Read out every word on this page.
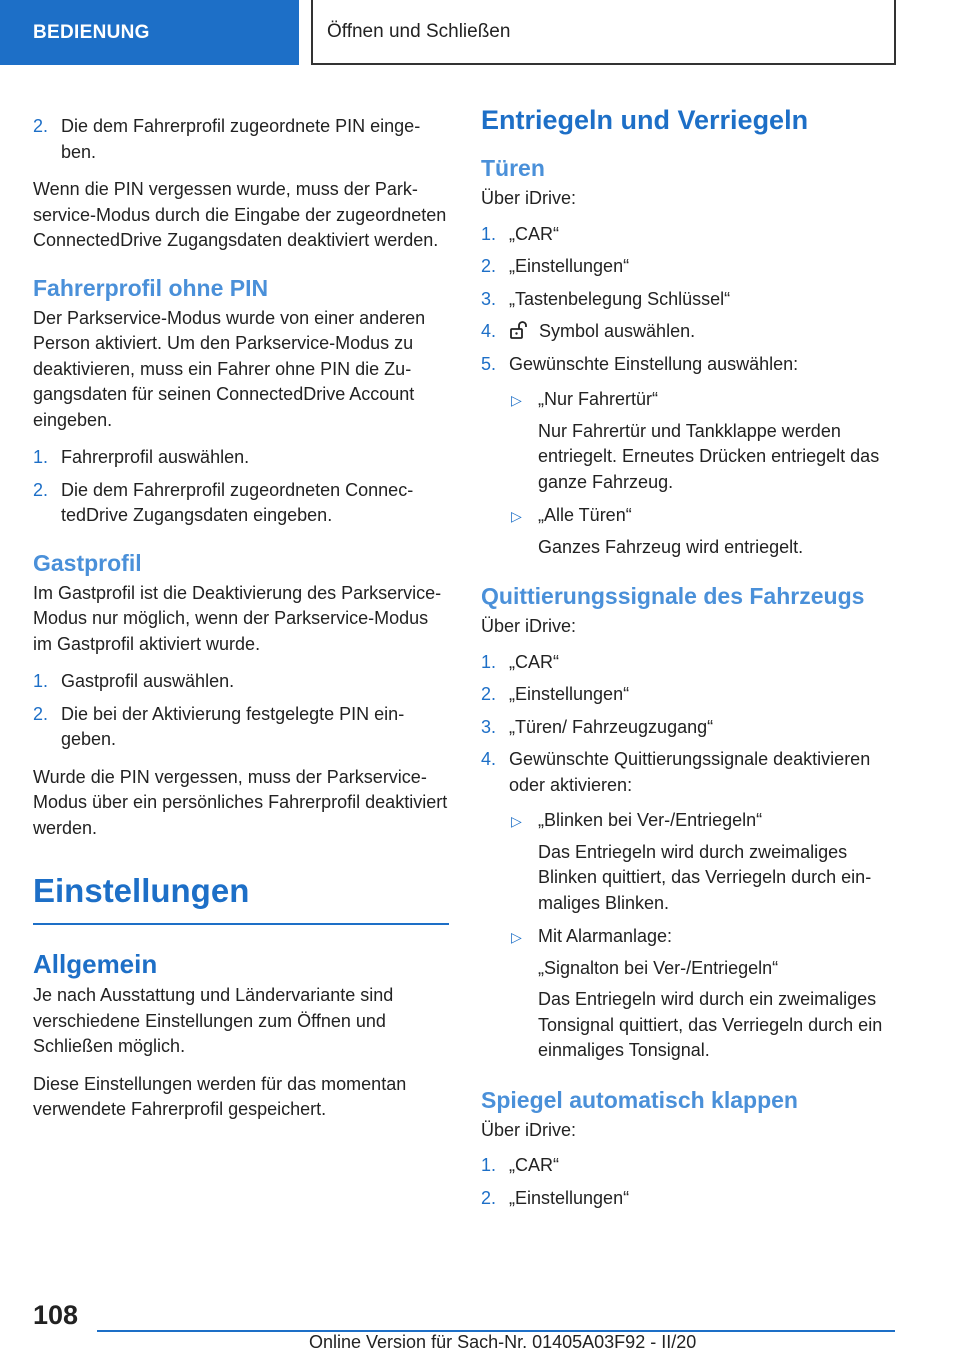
BEDIENUNG	Öffnen und Schließen
2. Die dem Fahrerprofil zugeordnete PIN eingeben.

Wenn die PIN vergessen wurde, muss der Parkservice-Modus durch die Eingabe der zugeordneten ConnectedDrive Zugangsdaten deaktiviert werden.

Fahrerprofil ohne PIN

Der Parkservice-Modus wurde von einer anderen Person aktiviert. Um den Parkservice-Modus zu deaktivieren, muss ein Fahrer ohne PIN die Zugangsdaten für seinen ConnectedDrive Account eingeben.

1. Fahrerprofil auswählen.
2. Die dem Fahrerprofil zugeordneten ConnectedDrive Zugangsdaten eingeben.
Gastprofil

Im Gastprofil ist die Deaktivierung des Parkservice-Modus nur möglich, wenn der Parkservice-Modus im Gastprofil aktiviert wurde.

1. Gastprofil auswählen.
2. Die bei der Aktivierung festgelegte PIN eingeben.

Wurde die PIN vergessen, muss der Parkservice-Modus über ein persönliches Fahrerprofil deaktiviert werden.

Einstellungen
Allgemein

Je nach Ausstattung und Ländervariante sind verschiedene Einstellungen zum Öffnen und Schließen möglich.

Diese Einstellungen werden für das momentan verwendete Fahrerprofil gespeichert.

Entriegeln und Verriegeln
Türen

Über iDrive:

1. „CAR“
2. „Einstellungen“
3. „Tastenbelegung Schlüssel“
4. Symbol auswählen.
5. Gewünschte Einstellung auswählen:
▷ „Nur Fahrertür“

Nur Fahrertür und Tankklappe werden entriegelt. Erneutes Drücken entriegelt das ganze Fahrzeug.

▷ „Alle Türen“

Ganzes Fahrzeug wird entriegelt.

Quittierungssignale des Fahrzeugs

Über iDrive:

1. „CAR“
2. „Einstellungen“
3. „Türen/ Fahrzeugzugang“
4. Gewünschte Quittierungssignale deaktivieren oder aktivieren:
▷ „Blinken bei Ver-/Entriegeln“

Das Entriegeln wird durch zweimaliges Blinken quittiert, das Verriegeln durch einmaliges Blinken.

▷ Mit Alarmanlage:

„Signalton bei Ver-/Entriegeln“

Das Entriegeln wird durch ein zweimaliges Tonsignal quittiert, das Verriegeln durch ein einmaliges Tonsignal.

Spiegel automatisch klappen

Über iDrive:

1. „CAR“
2. „Einstellungen“
108
Online Version für Sach-Nr. 01405A03F92 - II/20
